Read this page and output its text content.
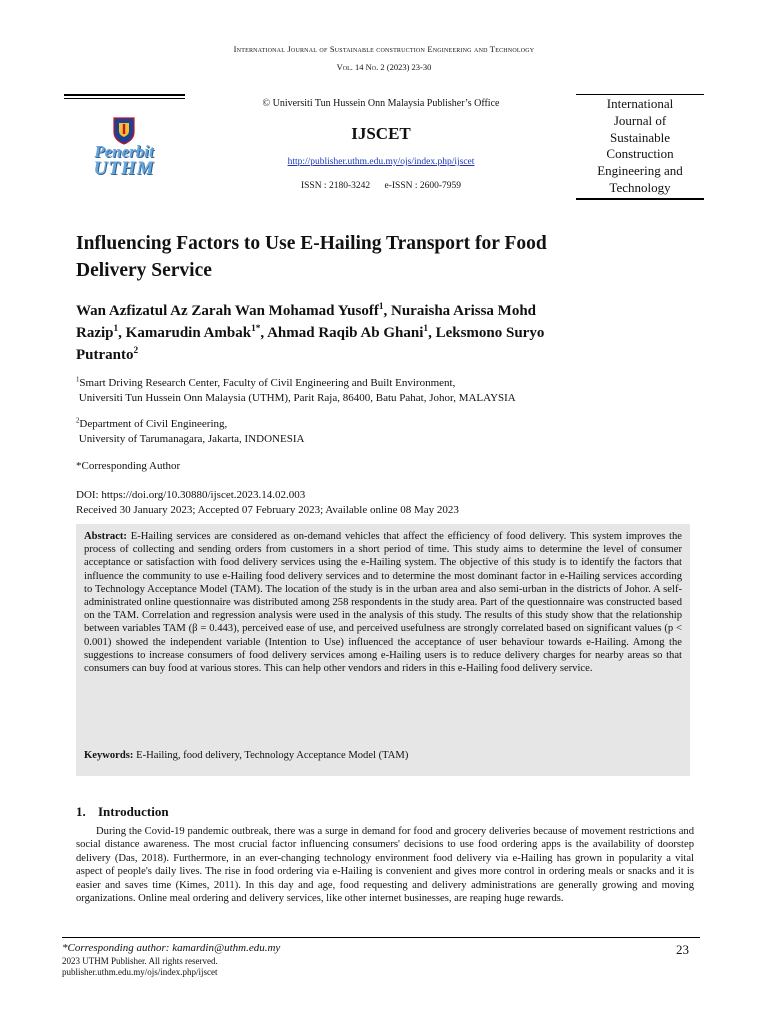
International Journal of Sustainable construction Engineering and Technology
Vol. 14 No. 2 (2023) 23-30
Penerbit
UTHM
© Universiti Tun Hussein Onn Malaysia Publisher’s Office
IJSCET
http://publisher.uthm.edu.my/ojs/index.php/ijscet
ISSN : 2180-3242 e-ISSN : 2600-7959
International
Journal of
Sustainable
Construction
Engineering and
Technology
Influencing Factors to Use E-Hailing Transport for Food
Delivery Service
Wan Azfizatul Az Zarah Wan Mohamad Yusoff$^1$, Nuraisha Arissa Mohd
Razip$^1$, Kamarudin Ambak$^{1*}$, Ahmad Raqib Ab Ghani$^1$, Leksmono Suryo
Putranto$^2$
$^1$Smart Driving Research Center, Faculty of Civil Engineering and Built Environment,
Universiti Tun Hussein Onn Malaysia (UTHM), Parit Raja, 86400, Batu Pahat, Johor, MALAYSIA
$^2$Department of Civil Engineering,
University of Tarumanagara, Jakarta, INDONESIA
*Corresponding Author
DOI: https://doi.org/10.30880/ijscet.2023.14.02.003
Received 30 January 2023; Accepted 07 February 2023; Available online 08 May 2023
Abstract: E-Hailing services are considered as on-demand vehicles that affect the efficiency of food delivery. This system improves the process of collecting and sending orders from customers in a short period of time. This study aims to determine the level of consumer acceptance or satisfaction with food delivery services using the e-Hailing system. The objective of this study is to identify the factors that influence the community to use e-Hailing food delivery services and to determine the most dominant factor in e-Hailing services according to Technology Acceptance Model (TAM). The location of the study is in the urban area and also semi-urban in the districts of Johor. A self-administrated online questionnaire was distributed among 258 respondents in the study area. Part of the questionnaire was constructed based on the TAM. Correlation and regression analysis were used in the analysis of this study. The results of this study show that the relationship between variables TAM (β = 0.443), perceived ease of use, and perceived usefulness are strongly correlated based on significant values (p < 0.001) showed the independent variable (Intention to Use) influenced the acceptance of user behaviour towards e-Hailing. Among the suggestions to increase consumers of food delivery services among e-Hailing users is to reduce delivery charges for nearby areas so that consumers can buy food at various stores. This can help other vendors and riders in this e-Hailing food delivery service.
Keywords: E-Hailing, food delivery, Technology Acceptance Model (TAM)
1. Introduction
During the Covid-19 pandemic outbreak, there was a surge in demand for food and grocery deliveries because of movement restrictions and social distance awareness. The most crucial factor influencing consumers' decisions to use food ordering apps is the availability of doorstep delivery (Das, 2018). Furthermore, in an ever-changing technology environment food delivery via e-Hailing has grown in popularity a vital aspect of people's daily lives. The rise in food ordering via e-Hailing is convenient and gives more control in ordering meals or snacks and it is easier and saves time (Kimes, 2011). In this day and age, food requesting and delivery administrations are generally growing and moving organizations. Online meal ordering and delivery services, like other internet businesses, are reaping huge rewards.
*Corresponding author: kamardin@uthm.edu.my	23
2023 UTHM Publisher. All rights reserved.
publisher.uthm.edu.my/ojs/index.php/ijscet
